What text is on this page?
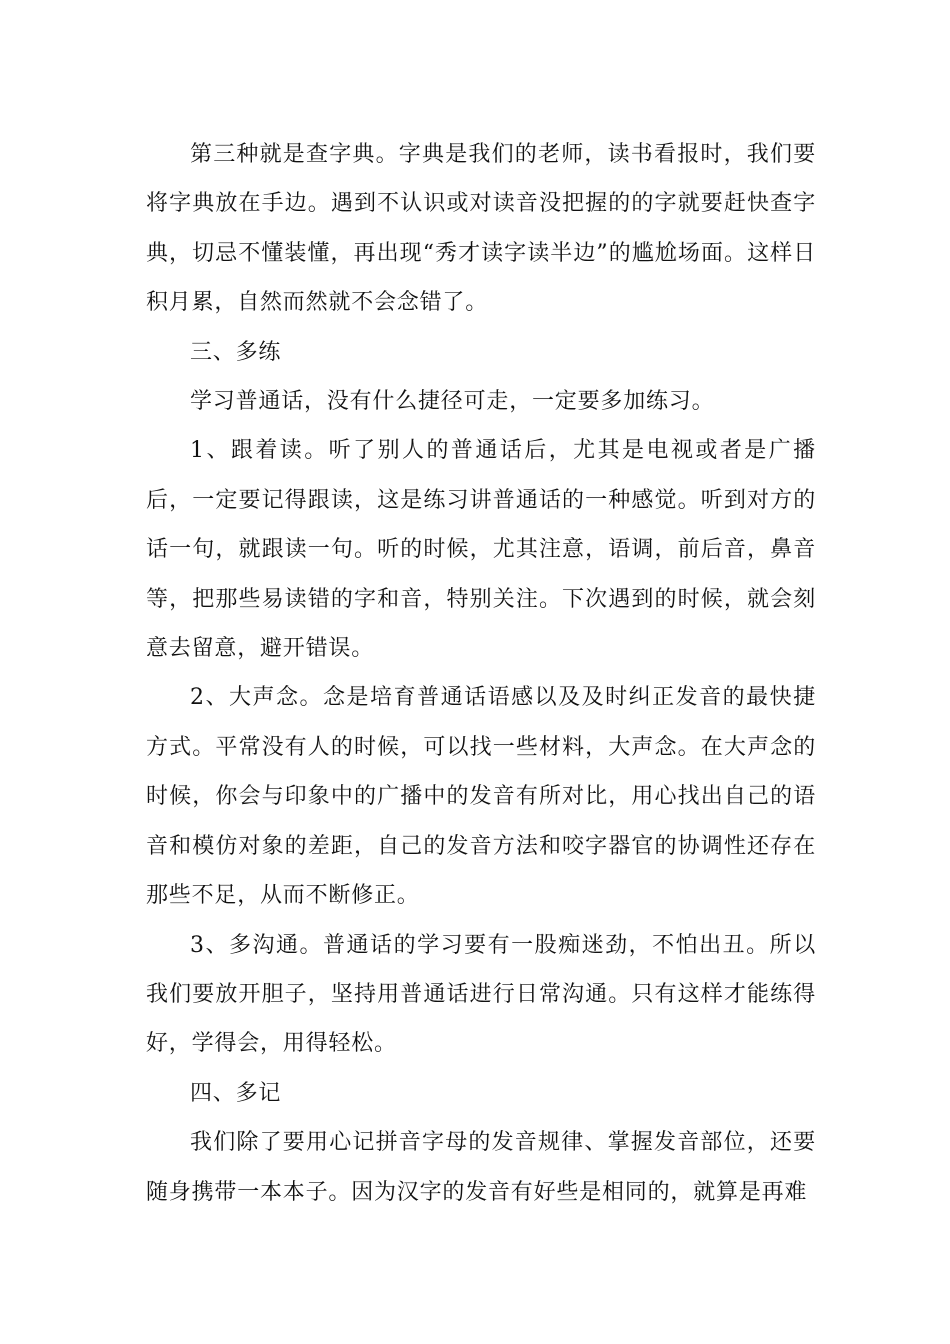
第三种就是查字典。字典是我们的老师，读书看报时，我们要将字典放在手边。遇到不认识或对读音没把握的的字就要赶快查字典，切忌不懂装懂，再出现“秀才读字读半边”的尴尬场面。这样日积月累，自然而然就不会念错了。

三、多练

学习普通话，没有什么捷径可走，一定要多加练习。

1、跟着读。听了别人的普通话后，尤其是电视或者是广播后，一定要记得跟读，这是练习讲普通话的一种感觉。听到对方的话一句，就跟读一句。听的时候，尤其注意，语调，前后音，鼻音等，把那些易读错的字和音，特别关注。下次遇到的时候，就会刻意去留意，避开错误。

2、大声念。念是培育普通话语感以及及时纠正发音的最快捷方式。平常没有人的时候，可以找一些材料，大声念。在大声念的时候，你会与印象中的广播中的发音有所对比，用心找出自己的语音和模仿对象的差距，自己的发音方法和咬字器官的协调性还存在那些不足，从而不断修正。

3、多沟通。普通话的学习要有一股痴迷劲，不怕出丑。所以我们要放开胆子，坚持用普通话进行日常沟通。只有这样才能练得好，学得会，用得轻松。

四、多记

我们除了要用心记拼音字母的发音规律、掌握发音部位，还要随身携带一本本子。因为汉字的发音有好些是相同的，就算是再难
